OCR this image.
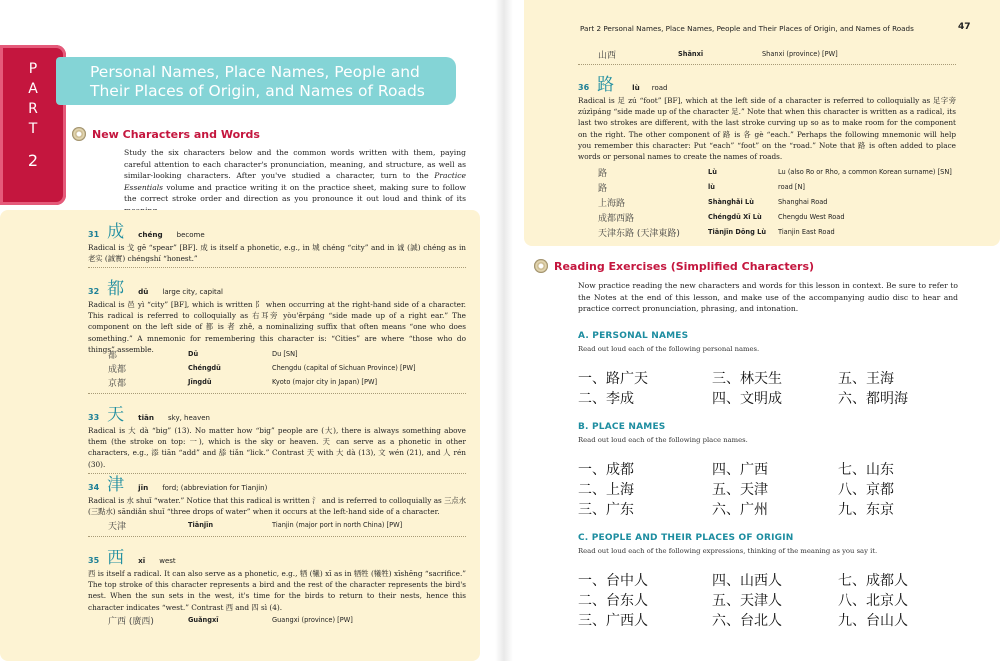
P
A
R
T
2
Personal Names, Place Names, People and
Their Places of Origin, and Names of Roads
New Characters and Words
Study the six characters below and the common words written with them, paying careful attention to each character's pronunciation, meaning, and structure, as well as similar-looking characters. After you've studied a character, turn to the Practice Essentials volume and practice writing it on the practice sheet, making sure to follow the correct stroke order and direction as you pronounce it out loud and think of its
31 成 chéng become
Radical is 戈 gē “spear” [BF]. 成 is itself a phonetic, e.g., in 城 chéng “city” and in 诚 (誠) chéng as in 老实 (誠實) chéngshí “honest.”
32 都 dū large city, capital
Radical is 邑 yì “city” [BF], which is written 阝 when occurring at the right-hand side of a character. This radical is referred to colloquially as 右耳旁 yòu'ěrpáng “side made up of a right ear.” The component on the left side of 都 is 者 zhě, a nominalizing suffix that often means “one who does something.” A mnemonic for remembering this character is: “Cities” are where “those who do things” assemble.
都	Dū	Du [SN]
成都	Chéngdū	Chengdu (capital of Sichuan Province) [PW]
京都	Jīngdū	Kyoto (major city in Japan) [PW]
33 天 tiān sky, heaven
Radical is 大 dà “big” (13). No matter how “big” people are (大), there is always something above them (the stroke on top: 一), which is the sky or heaven. 天 can serve as a phonetic in other characters, e.g., 添 tiān “add” and 舔 tiǎn “lick.” Contrast 天 with 大 dà (13), 文 wén (21), and 人 rén (30).
34 津 jīn ford; (abbreviation for Tianjin)
Radical is 水 shuǐ “water.” Notice that this radical is written 氵 and is referred to colloquially as 三点水 (三點水) sāndiǎn shuǐ “three drops of water” when it occurs at the left-hand side of a character.
天津	Tiānjīn	Tianjin (major port in north China) [PW]
35 西 xī west
西 is itself a radical. It can also serve as a phonetic, e.g., 牺 (犧) xī as in 牺牲 (犧牲) xīshēng “sacrifice.” The top stroke of this character represents a bird and the rest of the character represents the bird's nest. When the sun sets in the west, it's time for the birds to return to their nests, hence this character indicates “west.” Contrast 西 and 四 sì (4).
广西 (廣西)	Guǎngxī	Guangxi (province) [PW]
Part 2 Personal Names, Place Names, People and Their Places of Origin, and Names of Roads	47
山西	Shānxī	Shanxi (province) [PW]
36 路	lù road
Radical is 足 zú “foot” [BF], which at the left side of a character is referred to colloquially as 足字旁 zúzìpáng “side made up of the character 足.” Note that when this character is written as a radical, its last two strokes are different, with the last stroke curving up so as to make room for the component on the right. The other component of 路 is 各 gè “each.” Perhaps the following mnemonic will help you remember this character: Put “each” “foot” on the “road.” Note that 路 is often added to place words or personal names to create the names of roads.
路	Lù	Lu (also Ro or Rho, a common Korean surname) [SN]
路	lù	road [N]
上海路	Shànghǎi Lù	Shanghai Road
成都西路	Chéngdū Xī Lù	Chengdu West Road
天津东路 (天津東路)	Tiānjīn Dōng Lù	Tianjin East Road
Reading Exercises (Simplified Characters)
Now practice reading the new characters and words for this lesson in context. Be sure to refer to the Notes at the end of this lesson, and make use of the accompanying audio disc to hear and practice correct pronunciation, phrasing, and intonation.
A. PERSONAL NAMES
Read out loud each of the following personal names.
一、路广天	三、林天生	五、王海
二、李成	四、文明成	六、都明海
B. PLACE NAMES
Read out loud each of the following place names.
一、成都	四、广西	七、山东
二、上海	五、天津	八、京都
三、广东	六、广州	九、东京
C. PEOPLE AND THEIR PLACES OF ORIGIN
Read out loud each of the following expressions, thinking of the meaning as you say it.
一、台中人	四、山西人	七、成都人
二、台东人	五、天津人	八、北京人
三、广西人	六、台北人	九、台山人
